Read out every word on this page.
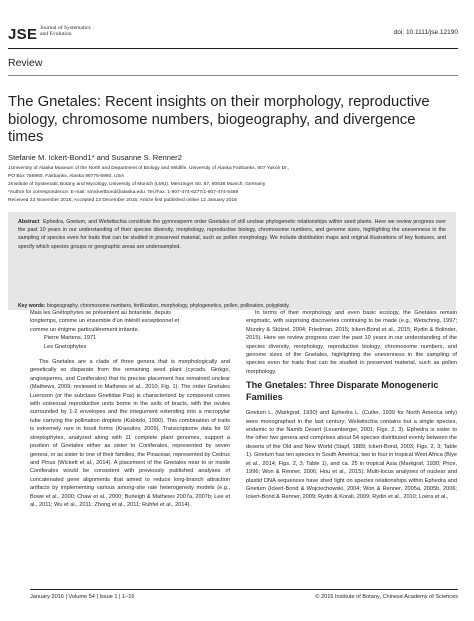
JSE Journal of Systematics
and Evolution	doi: 10.1111/jse.12190
Review
The Gnetales: Recent insights on their morphology, reproductive biology, chromosome numbers, biogeography, and divergence times
Stefanie M. Ickert-Bond1* and Susanne S. Renner2
1University of Alaska Museum of the North and Department of Biology and Wildlife, University of Alaska Fairbanks, 907 Yukon Dr.,
PO Box 756960, Fairbanks, Alaska 99775-6960, USA
2Institute of Systematic Botany and Mycology, University of Munich (LMU), Menzinger Str. 67, 80638 Munich, Germany
*Author for correspondence. E-mail: smickertbond@alaska.edu. Tel./Fax: 1-907-474-6277/1-907-474-5469
Received 23 November 2015; Accepted 13 December 2015; Article first published online 12 January 2016
Abstract Ephedra, Gnetum, and Welwitschia constitute the gymnosperm order Gnetales of still unclear phylogenetic relationships within seed plants. Here we review progress over the past 10 years in our understanding of their species diversity, morphology, reproductive biology, chromosome numbers, and genome sizes, highlighting the unevenness in the sampling of species even for traits that can be studied in preserved material, such as pollen morphology. We include distribution maps and original illustrations of key features, and specify which species groups or geographic areas are undersampled.
Key words: biogeography, chromosome numbers, fertilization, morphology, phylogenetics, pollen, pollination, polyploidy.

Mais les Gnétophytes se présentent au botaniste, depuis

longtemps, comme un ensemble d'un intérêt exceptionnel et

comme un énigme particulièrement irritante.

Pierre Martens, 1971

Les Gnetophytes

The Gnetales are a clade of three genera that is morphologically and genetically so disparate from the remaining seed plant (cycads, Ginkgo, angiosperms, and Coniferales) that its precise placement has remained unclear (Mathews, 2009; reviewed in Mathews et al., 2010; Fig. 1). The order Gnetales Luersson (or the subclass Gnetidae Pax) is characterized by compound cones with unisexual reproductive units borne in the axils of bracts, with the ovules surrounded by 1-2 envelopes and the integument extending into a micropylar tube carrying the pollination droplets (Kubitzki, 1990). This combination of traits is extremely rare in fossil forms (Krassilov, 2009). Transcriptome data for 92 streptophytes, analyzed along with 11 complete plant genomes, support a position of Gnetales either as sister to Coniferales, represented by seven genera, or as sister to one of their families, the Pinaceae, represented by Cedrus and Pinus (Wickett et al., 2014). A placement of the Gnetales near to or inside Coniferales would be consistent with previously published analyses of concatenated gene alignments that aimed to reduce long-branch attraction artifacts by implementing various among-site rate heterogeneity models (e.g., Bowe et al., 2000; Chaw et al., 2000; Burleigh & Mathews 2007a, 2007b; Lee et al., 2011; Wu et al., 2011; Zhong et al., 2011; Ruhfel et al., 2014).

In terms of their morphology and even basic ecology, the Gnetales remain enigmatic, with surprising discoveries continuing to be made (e.g., Wetschnig, 1997; Mundry & Stützel, 2004; Friedman, 2015; Ickert-Bond et al., 2015; Rydin & Bolinder, 2015). Here we review progress over the past 10 years in our understanding of the species diversity, morphology, reproductive biology, chromosome numbers, and genome sizes of the Gnetales, highlighting the unevenness in the sampling of species even for traits that can be studied in preserved material, such as pollen morphology.

The Gnetales: Three Disparate Monogeneric Families

Gnetum L. (Markgraf, 1930) and Ephedra L. (Cutler, 1939 for North America only) were monographed in the last century; Welwitschia contains but a single species, endemic to the Namib Desert (Leuenberger, 2001; Figs. 2, 3). Ephedra is sister to the other two genera and comprises about 54 species distributed evenly between the deserts of the Old and New World (Stapf, 1889; Ickert-Bond, 2003; Figs. 2, 3; Table 1). Gnetum has ten species in South America, two to four in tropical West Africa (Biye et al., 2014; Figs. 2, 3; Table 1), and ca. 25 in tropical Asia (Markgraf, 1930; Price, 1996; Won & Renner, 2006; Hou et al., 2015). Multi-locus analyses of nuclear and plastid DNA sequences have shed light on species relationships within Ephedra and Gnetum (Ickert-Bond & Wojciechowski, 2004; Won & Renner, 2005a, 2005b, 2006; Ickert-Bond & Renner, 2009; Rydin & Korall, 2009; Rydin et al., 2010; Loera et al.,

January 2016 | Volume 54 | Issue 1 | 1–16	© 2015 Institute of Botany, Chinese Academy of Sciences
